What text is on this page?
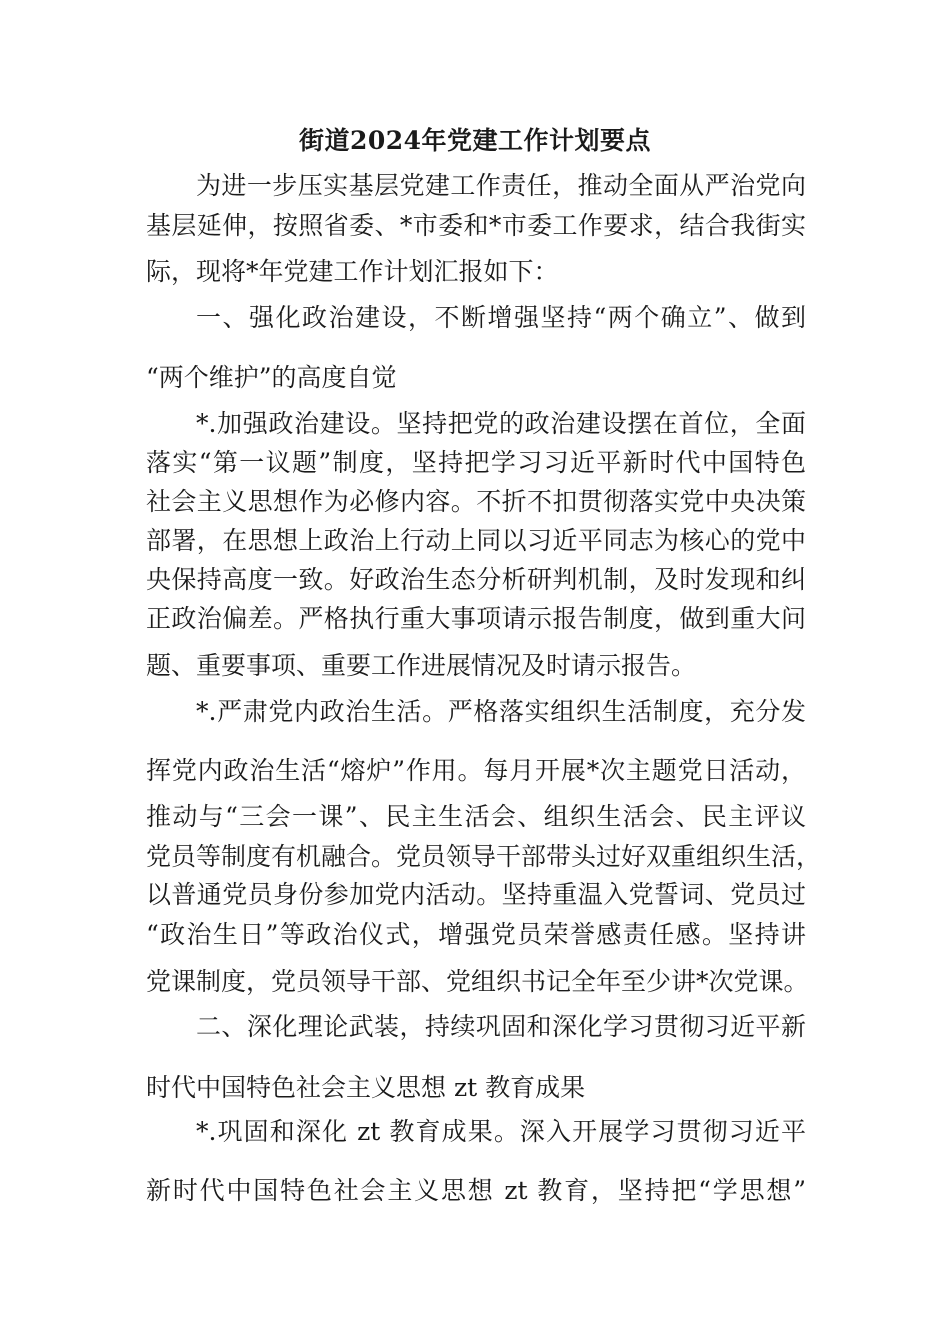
街道2024年党建工作计划要点
为进一步压实基层党建工作责任，推动全面从严治党向
基层延伸，按照省委、*市委和*市委工作要求，结合我街实
际，现将*年党建工作计划汇报如下：
一、强化政治建设，不断增强坚持“两个确立”、做到
“两个维护”的高度自觉
*.加强政治建设。坚持把党的政治建设摆在首位，全面
落实“第一议题”制度，坚持把学习习近平新时代中国特色
社会主义思想作为必修内容。不折不扣贯彻落实党中央决策
部署，在思想上政治上行动上同以习近平同志为核心的党中
央保持高度一致。好政治生态分析研判机制，及时发现和纠
正政治偏差。严格执行重大事项请示报告制度，做到重大问
题、重要事项、重要工作进展情况及时请示报告。
*.严肃党内政治生活。严格落实组织生活制度，充分发
挥党内政治生活“熔炉”作用。每月开展*次主题党日活动，
推动与“三会一课”、民主生活会、组织生活会、民主评议
党员等制度有机融合。党员领导干部带头过好双重组织生活，
以普通党员身份参加党内活动。坚持重温入党誓词、党员过
“政治生日”等政治仪式，增强党员荣誉感责任感。坚持讲
党课制度，党员领导干部、党组织书记全年至少讲*次党课。
二、深化理论武装，持续巩固和深化学习贯彻习近平新
时代中国特色社会主义思想 zt 教育成果
*.巩固和深化 zt 教育成果。深入开展学习贯彻习近平
新时代中国特色社会主义思想 zt 教育，坚持把“学思想”
